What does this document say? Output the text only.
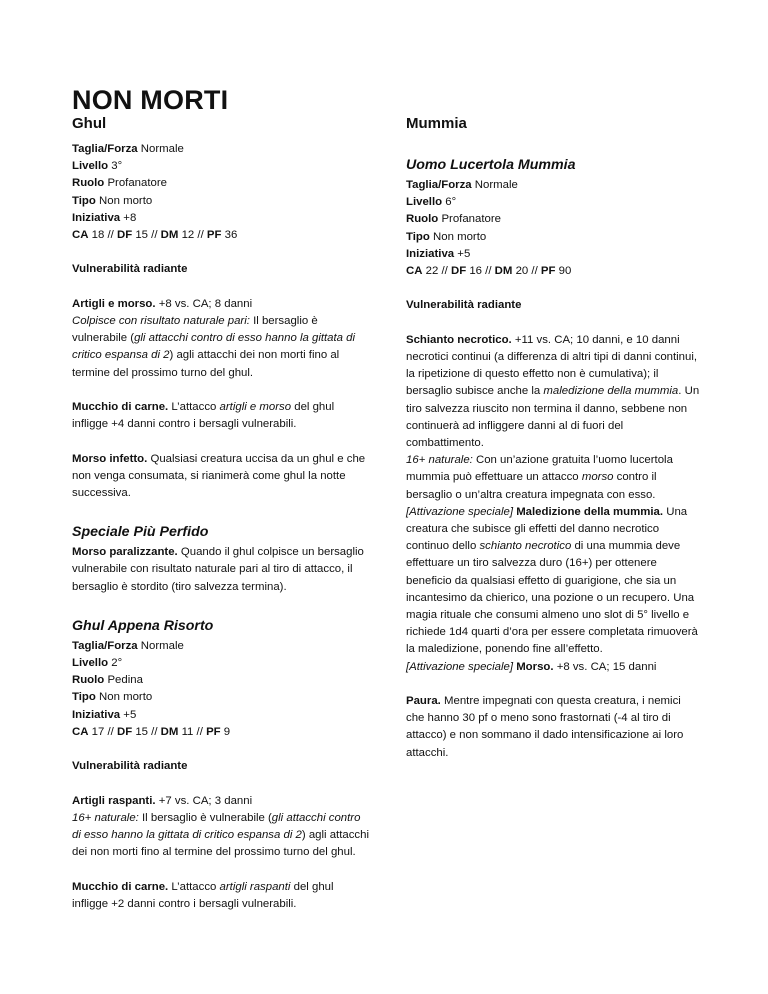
NON MORTI
Ghul
Taglia/Forza Normale
Livello 3°
Ruolo Profanatore
Tipo Non morto
Iniziativa +8
CA 18 // DF 15 // DM 12 // PF 36

Vulnerabilità radiante

Artigli e morso. +8 vs. CA; 8 danni
Colpisce con risultato naturale pari: Il bersaglio è vulnerabile (gli attacchi contro di esso hanno la gittata di critico espansa di 2) agli attacchi dei non morti fino al termine del prossimo turno del ghul.

Mucchio di carne. L’attacco artigli e morso del ghul infligge +4 danni contro i bersagli vulnerabili.

Morso infetto. Qualsiasi creatura uccisa da un ghul e che non venga consumata, si rianimerà come ghul la notte successiva.

Speciale Più Perfido

Morso paralizzante. Quando il ghul colpisce un bersaglio vulnerabile con risultato naturale pari al tiro di attacco, il bersaglio è stordito (tiro salvezza termina).

Ghul Appena Risorto
Taglia/Forza Normale
Livello 2°
Ruolo Pedina
Tipo Non morto
Iniziativa +5
CA 17 // DF 15 // DM 11 // PF 9

Vulnerabilità radiante

Artigli raspanti. +7 vs. CA; 3 danni
16+ naturale: Il bersaglio è vulnerabile (gli attacchi contro di esso hanno la gittata di critico espansa di 2) agli attacchi dei non morti fino al termine del prossimo turno del ghul.

Mucchio di carne. L’attacco artigli raspanti del ghul infligge +2 danni contro i bersagli vulnerabili.

Mummia
Uomo Lucertola Mummia
Taglia/Forza Normale
Livello 6°
Ruolo Profanatore
Tipo Non morto
Iniziativa +5
CA 22 // DF 16 // DM 20 // PF 90

Vulnerabilità radiante

Schianto necrotico. +11 vs. CA; 10 danni, e 10 danni necrotici continui (a differenza di altri tipi di danni continui, la ripetizione di questo effetto non è cumulativa); il bersaglio subisce anche la maledizione della mummia. Un tiro salvezza riuscito non termina il danno, sebbene non continuerà ad infliggere danni al di fuori del combattimento.
16+ naturale: Con un’azione gratuita l’uomo lucertola mummia può effettuare un attacco morso contro il bersaglio o un’altra creatura impegnata con esso.
[Attivazione speciale] Maledizione della mummia. Una creatura che subisce gli effetti del danno necrotico continuo dello schianto necrotico di una mummia deve effettuare un tiro salvezza duro (16+) per ottenere beneficio da qualsiasi effetto di guarigione, che sia un incantesimo da chierico, una pozione o un recupero. Una magia rituale che consumi almeno uno slot di 5° livello e richiede 1d4 quarti d’ora per essere completata rimuoverà la maledizione, ponendo fine all’effetto.
[Attivazione speciale] Morso. +8 vs. CA; 15 danni

Paura. Mentre impegnati con questa creatura, i nemici che hanno 30 pf o meno sono frastornati (-4 al tiro di attacco) e non sommano il dado intensificazione ai loro attacchi.
